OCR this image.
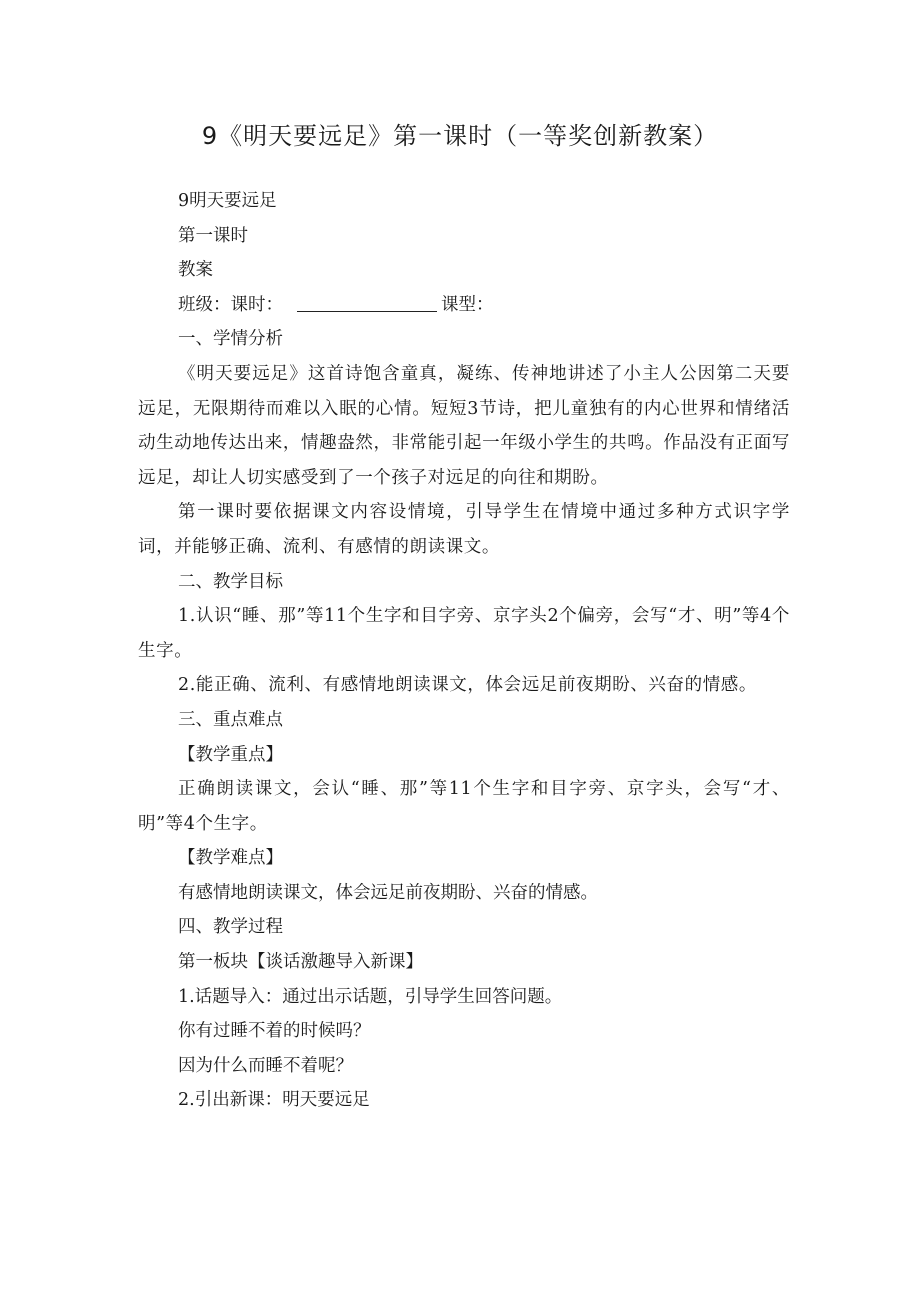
9《明天要远足》第一课时（一等奖创新教案）

9明天要远足

第一课时

教案

班级：课时：	课型：

一、学情分析

《明天要远足》这首诗饱含童真，凝练、传神地讲述了小主人公因第二天要远足，无限期待而难以入眠的心情。短短3节诗，把儿童独有的内心世界和情绪活动生动地传达出来，情趣盎然，非常能引起一年级小学生的共鸣。作品没有正面写远足，却让人切实感受到了一个孩子对远足的向往和期盼。

第一课时要依据课文内容设情境，引导学生在情境中通过多种方式识字学词，并能够正确、流利、有感情的朗读课文。

二、教学目标

1.认识“睡、那”等11个生字和目字旁、京字头2个偏旁，会写“才、明”等4个生字。

2.能正确、流利、有感情地朗读课文，体会远足前夜期盼、兴奋的情感。

三、重点难点

【教学重点】

正确朗读课文，会认“睡、那”等11个生字和目字旁、京字头，会写“才、明”等4个生字。

【教学难点】

有感情地朗读课文，体会远足前夜期盼、兴奋的情感。

四、教学过程

第一板块【谈话激趣导入新课】

1.话题导入：通过出示话题，引导学生回答问题。

你有过睡不着的时候吗？

因为什么而睡不着呢？

2.引出新课：明天要远足
